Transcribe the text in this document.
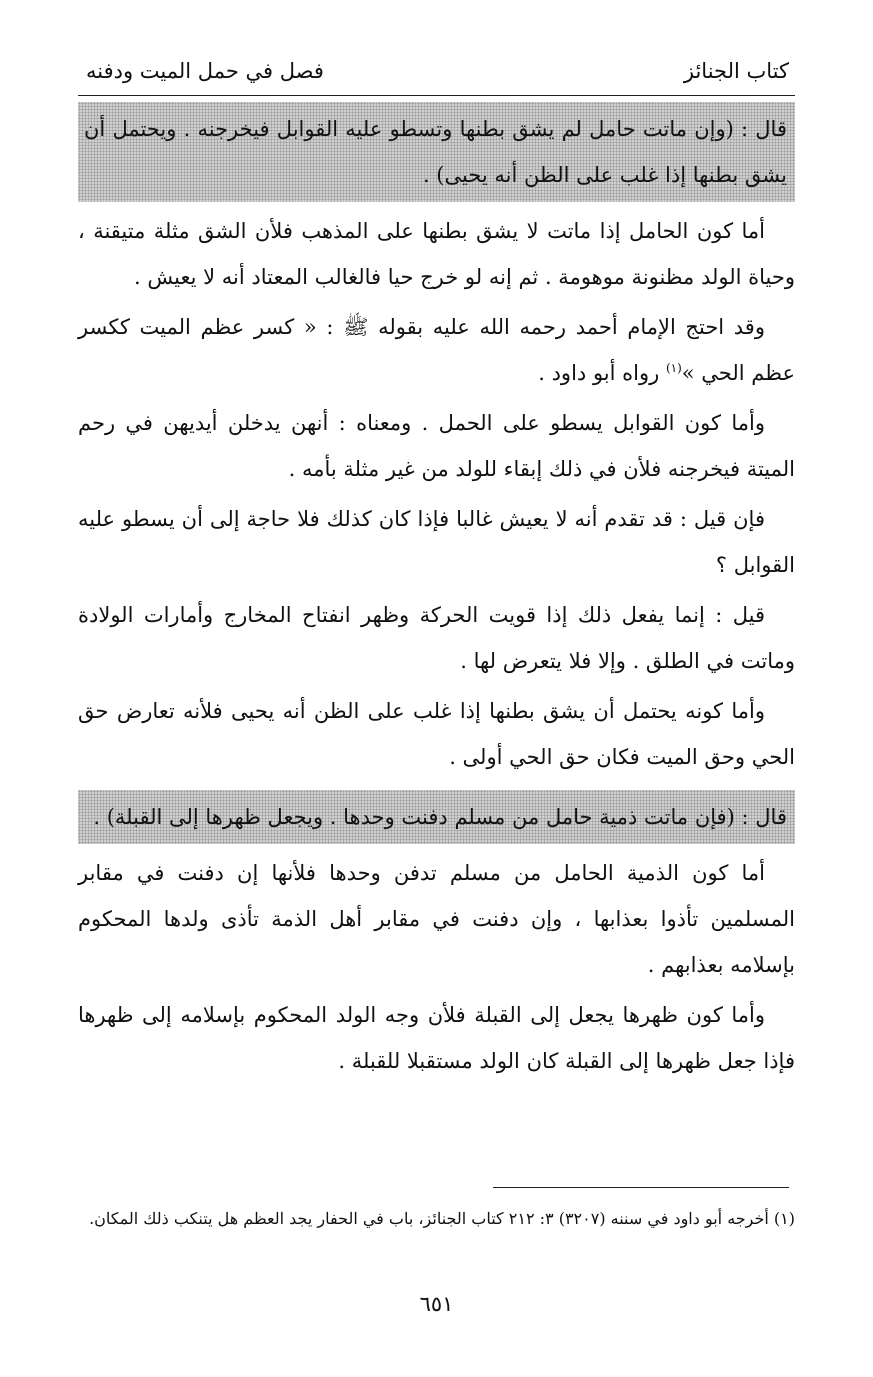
كتاب الجنائز
فصل في حمل الميت ودفنه
قال : (وإن ماتت حامل لم يشق بطنها وتسطو عليه القوابل فيخرجنه . ويحتمل أن يشق بطنها إذا غلب على الظن أنه يحيى) .

أما كون الحامل إذا ماتت لا يشق بطنها على المذهب فلأن الشق مثلة متيقنة ، وحياة الولد مظنونة موهومة . ثم إنه لو خرج حيا فالغالب المعتاد أنه لا يعيش .

وقد احتج الإمام أحمد رحمه الله عليه بقوله ﷺ : « كسر عظم الميت ككسر عظم الحي »$^{(١)}$ رواه أبو داود .

وأما كون القوابل يسطو على الحمل . ومعناه : أنهن يدخلن أيديهن في رحم الميتة فيخرجنه فلأن في ذلك إبقاء للولد من غير مثلة بأمه .

فإن قيل : قد تقدم أنه لا يعيش غالبا فإذا كان كذلك فلا حاجة إلى أن يسطو عليه القوابل ؟

قيل : إنما يفعل ذلك إذا قويت الحركة وظهر انفتاح المخارج وأمارات الولادة وماتت في الطلق . وإلا فلا يتعرض لها .

وأما كونه يحتمل أن يشق بطنها إذا غلب على الظن أنه يحيى فلأنه تعارض حق الحي وحق الميت فكان حق الحي أولى .

قال : (فإن ماتت ذمية حامل من مسلم دفنت وحدها . ويجعل ظهرها إلى القبلة) .

أما كون الذمية الحامل من مسلم تدفن وحدها فلأنها إن دفنت في مقابر المسلمين تأذوا بعذابها ، وإن دفنت في مقابر أهل الذمة تأذى ولدها المحكوم بإسلامه بعذابهم .

وأما كون ظهرها يجعل إلى القبلة فلأن وجه الولد المحكوم بإسلامه إلى ظهرها فإذا جعل ظهرها إلى القبلة كان الولد مستقبلا للقبلة .

(١) أخرجه أبو داود في سننه (٣٢٠٧) ٣: ٢١٢ كتاب الجنائز، باب في الحفار يجد العظم هل يتنكب ذلك المكان.
٦٥١
